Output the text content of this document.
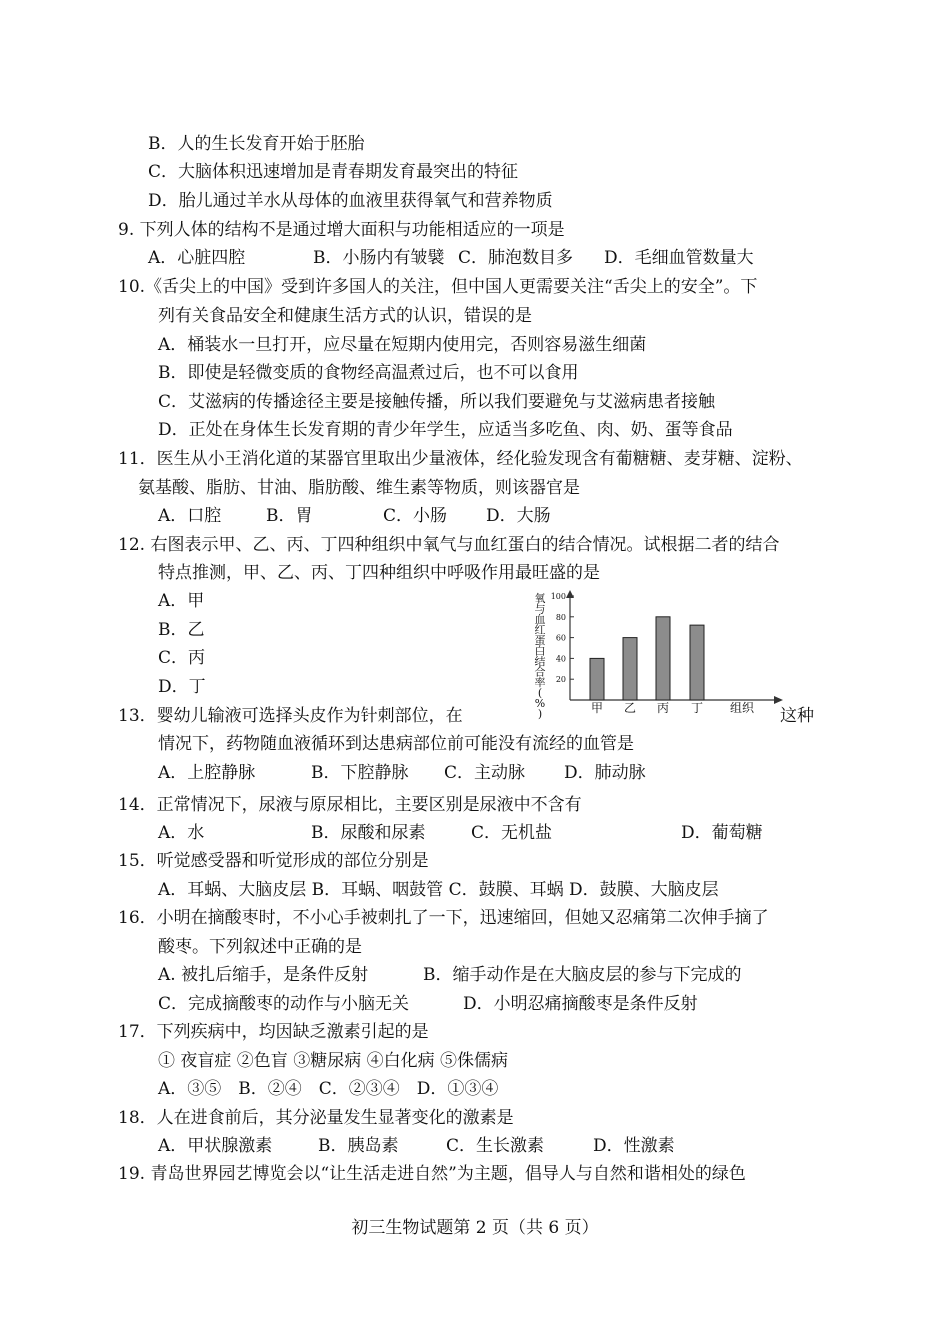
B．人的生长发育开始于胚胎
C．大脑体积迅速增加是青春期发育最突出的特征
D．胎儿通过羊水从母体的血液里获得氧气和营养物质
9. 下列人体的结构不是通过增大面积与功能相适应的一项是
A．心脏四腔	B．小肠内有皱襞 C．肺泡数目多 D．毛细血管数量大
10.《舌尖上的中国》受到许多国人的关注，但中国人更需要关注“舌尖上的安全”。下
列有关食品安全和健康生活方式的认识，错误的是
A．桶装水一旦打开，应尽量在短期内使用完，否则容易滋生细菌
B．即使是轻微变质的食物经高温煮过后，也不可以食用
C．艾滋病的传播途径主要是接触传播，所以我们要避免与艾滋病患者接触
D．正处在身体生长发育期的青少年学生，应适当多吃鱼、肉、奶、蛋等食品
11．医生从小王消化道的某器官里取出少量液体，经化验发现含有葡糖糖、麦芽糖、淀粉、
氨基酸、脂肪、甘油、脂肪酸、维生素等物质，则该器官是
A．口腔	B．胃	C．小肠 D．大肠
12. 右图表示甲、乙、丙、丁四种组织中氧气与血红蛋白的结合情况。试根据二者的结合
特点推测，甲、乙、丙、丁四种组织中呼吸作用最旺盛的是
A．甲
B．乙
C．丙
D．丁
氧与血红蛋白结合率( % )
20
40
60
80
100
甲 乙 丙 丁 组织
13．婴幼儿输液可选择头皮作为针刺部位，在	这种
情况下，药物随血液循环到达患病部位前可能没有流经的血管是
A．上腔静脉	B．下腔静脉 C．主动脉 D．肺动脉
14．正常情况下，尿液与原尿相比，主要区别是尿液中不含有
A．水	B．尿酸和尿素	C．无机盐	D．葡萄糖
15．听觉感受器和听觉形成的部位分别是
A．耳蜗、大脑皮层 B．耳蜗、咽鼓管 C．鼓膜、耳蜗 D．鼓膜、大脑皮层
16．小明在摘酸枣时，不小心手被刺扎了一下，迅速缩回，但她又忍痛第二次伸手摘了
酸枣。下列叙述中正确的是
A. 被扎后缩手，是条件反射	B．缩手动作是在大脑皮层的参与下完成的
C．完成摘酸枣的动作与小脑无关	D．小明忍痛摘酸枣是条件反射
17．下列疾病中，均因缺乏激素引起的是
① 夜盲症 ②色盲 ③糖尿病 ④白化病 ⑤侏儒病
A．③⑤　B．②④　C．②③④　D．①③④
18．人在进食前后，其分泌量发生显著变化的激素是
A．甲状腺激素	B．胰岛素	C．生长激素	D．性激素
19. 青岛世界园艺博览会以“让生活走进自然”为主题，倡导人与自然和谐相处的绿色
初三生物试题第 2 页（共 6 页）
